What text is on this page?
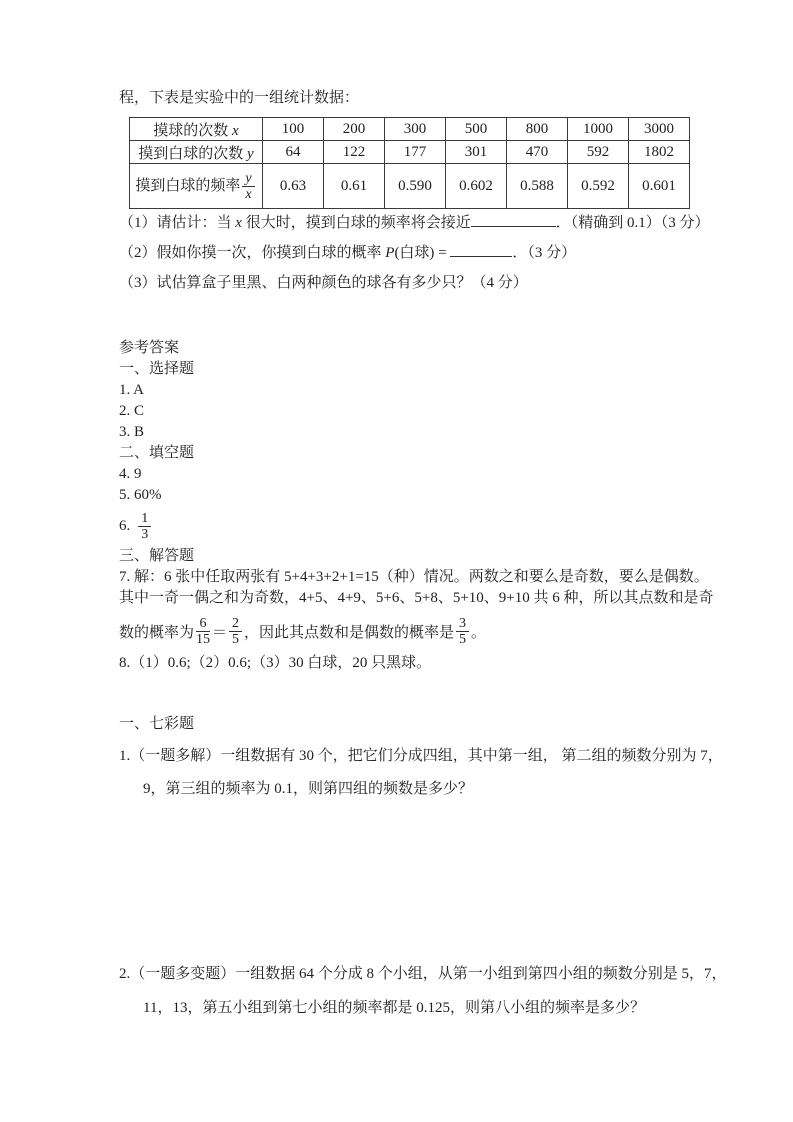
程，下表是实验中的一组统计数据：
摸球的次数 x	100	200	300	500	800	1000	3000
摸到白球的次数 y	64	122	177	301	470	592	1802
摸到白球的频率 $\frac{y}{x}$	0.63	0.61	0.590	0.602	0.588	0.592	0.601
（1）请估计：当 x 很大时，摸到白球的频率将会接近	．（精确到 0.1）（3 分）
（2）假如你摸一次，你摸到白球的概率 P(白球) =	．（3 分）
（3）试估算盒子里黑、白两种颜色的球各有多少只？（4 分）
参考答案
一、选择题
1. A
2. C
3. B
二、填空题
4. 9
5. 60%
6. $\frac{1}{3}$
三、解答题
7. 解：6 张中任取两张有 5+4+3+2+1=15（种）情况。两数之和要么是奇数，要么是偶数。
其中一奇一偶之和为奇数，4+5、4+9、5+6、5+8、5+10、9+10 共 6 种，所以其点数和是奇
数的概率为 $\frac{6}{15} = \frac{2}{5}$ ，因此其点数和是偶数的概率是 $\frac{3}{5}$ 。
8.（1）0.6;（2）0.6;（3）30 白球，20 只黑球。
一、七彩题
1.（一题多解）一组数据有 30 个，把它们分成四组，其中第一组， 第二组的频数分别为 7，
9，第三组的频率为 0.1，则第四组的频数是多少？
2.（一题多变题）一组数据 64 个分成 8 个小组，从第一小组到第四小组的频数分别是 5，7，
11，13，第五小组到第七小组的频率都是 0.125，则第八小组的频率是多少？
